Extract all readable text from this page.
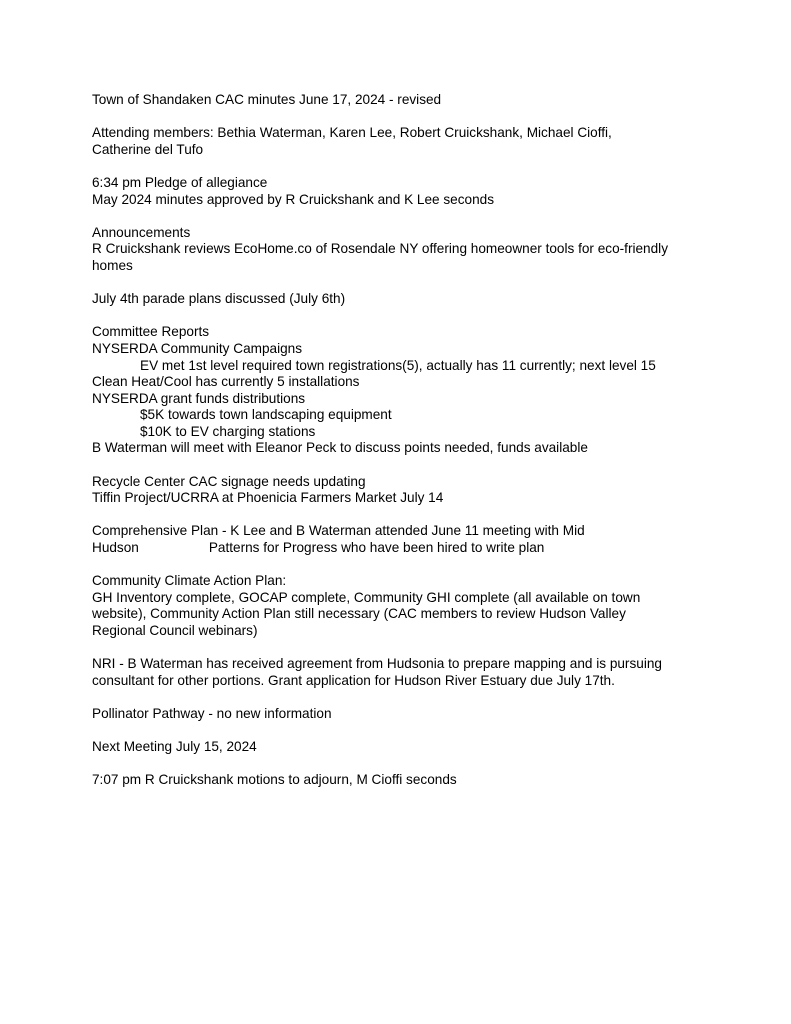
Town of Shandaken CAC minutes June 17, 2024 - revised
Attending members: Bethia Waterman, Karen Lee, Robert Cruickshank, Michael Cioffi, Catherine del Tufo
6:34 pm Pledge of allegiance
May 2024 minutes approved by R Cruickshank and K Lee seconds
Announcements
R Cruickshank reviews EcoHome.co of Rosendale NY offering homeowner tools for eco-friendly homes
July 4th parade plans discussed (July 6th)
Committee Reports
NYSERDA Community Campaigns
EV met 1st level required town registrations(5), actually has 11 currently; next level 15
Clean Heat/Cool has currently 5 installations
NYSERDA grant funds distributions
$5K towards town landscaping equipment
$10K to EV charging stations
B Waterman will meet with Eleanor Peck to discuss points needed, funds available
Recycle Center CAC signage needs updating
Tiffin Project/UCRRA at Phoenicia Farmers Market July 14
Comprehensive Plan - K Lee and B Waterman attended June 11 meeting with Mid
Hudson	Patterns for Progress who have been hired to write plan
Community Climate Action Plan:
GH Inventory complete, GOCAP complete, Community GHI complete (all available on town website), Community Action Plan still necessary (CAC members to review Hudson Valley Regional Council webinars)
NRI - B Waterman has received agreement from Hudsonia to prepare mapping and is pursuing consultant for other portions. Grant application for Hudson River Estuary due July 17th.
Pollinator Pathway - no new information
Next Meeting July 15, 2024
7:07 pm R Cruickshank motions to adjourn, M Cioffi seconds
